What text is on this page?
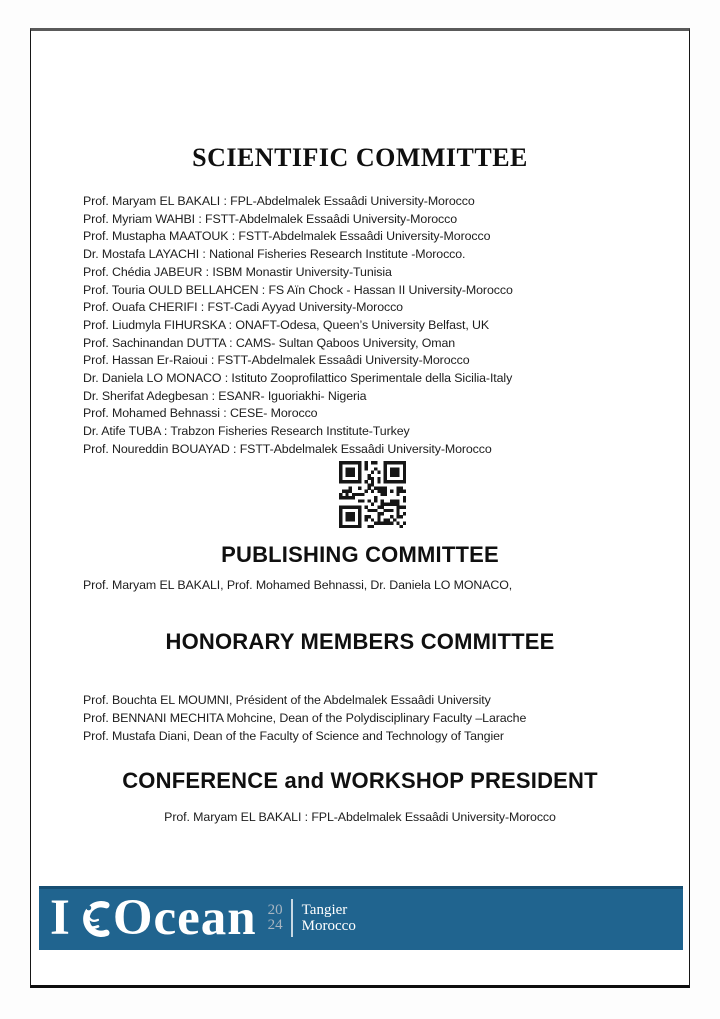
SCIENTIFIC COMMITTEE
Prof. Maryam EL BAKALI : FPL-Abdelmalek Essaâdi University-Morocco
Prof. Myriam WAHBI : FSTT-Abdelmalek Essaâdi University-Morocco
Prof. Mustapha MAATOUK : FSTT-Abdelmalek Essaâdi University-Morocco
Dr. Mostafa LAYACHI : National Fisheries Research Institute -Morocco.
Prof. Chédia JABEUR : ISBM Monastir University-Tunisia
Prof. Touria OULD BELLAHCEN : FS Aïn Chock - Hassan II University-Morocco
Prof. Ouafa CHERIFI : FST-Cadi Ayyad University-Morocco
Prof. Liudmyla FIHURSKA : ONAFT-Odesa, Queen’s University Belfast, UK
Prof. Sachinandan DUTTA : CAMS- Sultan Qaboos University, Oman
Prof. Hassan Er-Raioui : FSTT-Abdelmalek Essaâdi University-Morocco
Dr. Daniela LO MONACO : Istituto Zooprofilattico Sperimentale della Sicilia-Italy
Dr. Sherifat Adegbesan : ESANR- Iguoriakhi- Nigeria
Prof. Mohamed Behnassi : CESE- Morocco
Dr. Atife TUBA : Trabzon Fisheries Research Institute-Turkey
Prof. Noureddin BOUAYAD : FSTT-Abdelmalek Essaâdi University-Morocco
PUBLISHING COMMITTEE
Prof. Maryam EL BAKALI, Prof. Mohamed Behnassi, Dr. Daniela LO MONACO,
HONORARY MEMBERS COMMITTEE
Prof. Bouchta EL MOUMNI, Président of the Abdelmalek Essaâdi University
Prof. BENNANI MECHITA Mohcine, Dean of the Polydisciplinary Faculty –Larache
Prof. Mustafa Diani, Dean of the Faculty of Science and Technology of Tangier
CONFERENCE and WORKSHOP PRESIDENT
Prof. Maryam EL BAKALI : FPL-Abdelmalek Essaâdi University-Morocco
I Ocean 20
24
Tangier
Morocco
